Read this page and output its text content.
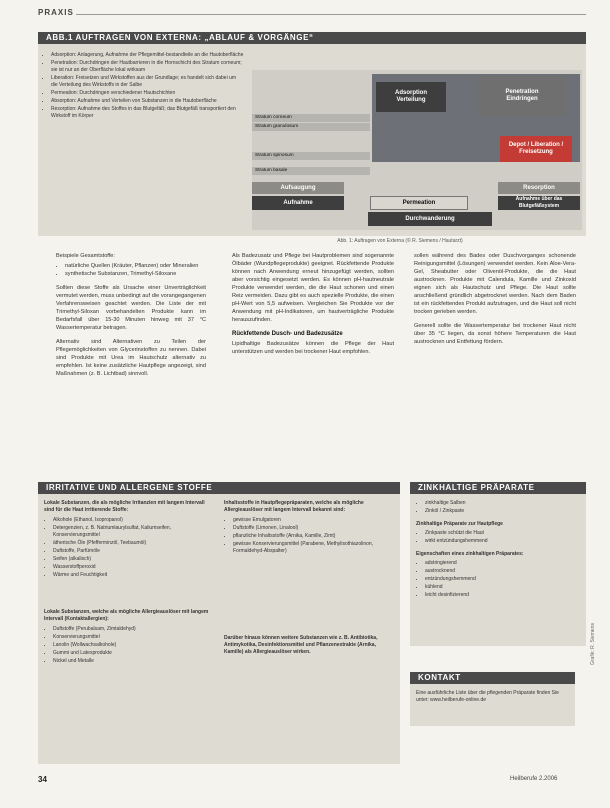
PRAXIS
ABB.1 AUFTRAGEN VON EXTERNA: „ABLAUF & VORGÄNGE“
• Adsorption: Anlagerung, Aufnahme der Pflegemittel-bestandteile an die Hautoberfläche
• Penetration: Durchdringen der Hautbarrieren in die Hornschicht des Stratum corneum; sie ist nur an der Oberfläche lokal wirksam
• Liberation: Freisetzen und Wirkstoffen aus der Grundlage; es handelt sich dabei um die Verteilung des Wirkstoffs in der Salbe
• Permeation: Durchdringen verschiedener Hautschichten
• Absorption: Aufnahme und Verteilen von Substanzen in die Hautoberfläche
• Resorption: Aufnahme des Stoffes in das Blutgefäß; das Blutgefäß transportiert den Wirkstoff im Körper
Adsorption
Verteilung
Penetration
Eindringen
Depot / Liberation / Freisetzung
Stratum corneum
Stratum granulosum
Stratum spinosum
Stratum basale
Aufsaugung
Aufnahme	Permeation
Durchwanderung
Resorption
Aufnahme über das Blutgefäßsystem
Abb. 1: Auftragen von Externa (© R. Siemens / Hautarzt)

Beispiele Gesamtstoffe:

• natürliche Quellen (Kräuter, Pflanzen) oder Mineralien
• synthetische Substanzen, Trimethyl-Siloxane

Sollten diese Stoffe als Ursache einer Unverträglichkeit vermutet werden, muss unbedingt auf die vorangegangenen Verfahrensweisen geachtet werden. Die Liste der mit Trimethyl-Siloxan vorbehandelten Produkte kann im Bedarfsfall über 15-30 Minuten hinweg mit 37 °C Wassertemperatur betragen.

Alternativ sind Alternativen zu Teilen der Pflegemöglichkeiten von Glycerinstoffen zu nennen. Dabei sind Produkte mit Urea im Hautschutz alternativ zu empfehlen. Ist keine zusätzliche Hautpflege angezeigt, sind Maßnahmen (z. B. Lichtbad) sinnvoll.

Als Badezusatz und Pflege bei Hautproblemen sind sogenannte Ölbäder (Wundpflegeprodukte) geeignet. Rückfettende Produkte können nach Anwendung erneut hinzugefügt werden, sollten aber vorsichtig eingesetzt werden. Es können pH-hautneutrale Produkte verwendet werden, die die Haut schonen und einen Reiz vermeiden. Dazu gibt es auch spezielle Produkte, die einen pH-Wert von 5,5 aufweisen. Vergleichen Sie Produkte vor der Anwendung mit pH-Indikatoren, um hautverträgliche Produkte herauszufinden.

Rückfettende Dusch- und Badezusätze

Lipidhaltige Badezusätze können die Pflege der Haut unterstützen und werden bei trockener Haut empfohlen.

sollen während des Bades oder Duschvorganges schonende Reinigungsmittel (Lösungen) verwendet werden. Kein Aloe-Vera-Gel, Sheabutter oder Olivenöl-Produkte, die die Haut austrocknen. Produkte mit Calendula, Kamille und Zinkoxid eignen sich als Hautschutz und Pflege. Die Haut sollte anschließend gründlich abgetrocknet werden. Nach dem Baden ist ein rückfettendes Produkt aufzutragen, und die Haut soll nicht trocken gerieben werden.

Generell sollte die Wassertemperatur bei trockener Haut nicht über 35 °C liegen, da sonst höhere Temperaturen die Haut austrocknen und Entfettung fördern.

IRRITATIVE UND ALLERGENE STOFFE
Lokale Substanzen, die als mögliche Irritanzien mit langem Intervall sind für die Haut irritierende Stoffe:
• Alkohole (Ethanol, Isopropanol)
• Detergenzien, z. B. Natriumlaurylsulfat, Kaliumseifen, Konservierungsmittel
• ätherische Öle (Pfefferminzöl, Teebaumöl)
• Duftstoffe, Parfümöle
• Seifen (alkalisch)
• Wasserstoffperoxid
• Wärme und Feuchtigkeit
Lokale Substanzen, welche als mögliche Allergieauslöser mit langem Intervall (Kontaktallergien):
• Duftstoffe (Perubalsam, Zimtaldehyd)
• Konservierungsmittel
• Lanolin (Wollwachsalkohole)
• Gummi und Latexprodukte
• Nickel und Metalle
Inhaltsstoffe in Hautpflegepräparaten, welche als mögliche Allergieauslöser mit langem Intervall bekannt sind:
• gewisse Emulgatoren
• Duftstoffe (Limonen, Linalool)
• pflanzliche Inhaltsstoffe (Arnika, Kamille, Zimt)
• gewisse Konservierungsmittel (Parabene, Methylisothiazolinon, Formaldehyd-Abspalter)
Darüber hinaus können weitere Substanzen wie z. B. Antibiotika, Antimykotika, Desinfektionsmittel und Pflanzenextrakte (Arnika, Kamille) als Allergieauslöser wirken.
ZINKHALTIGE PRÄPARATE
• zinkhaltige Salben
• Zinköl / Zinkpaste
Zinkhaltige Präparate zur Hautpflege
• Zinkpaste schützt die Haut
• wirkt entzündungshemmend
Eigenschaften eines zinkhaltigen Präparates:
• adstringierend
• austrocknend
• entzündungshemmend
• kühlend
• leicht desinfizierend
KONTAKT
Eine ausführliche Liste über die pflegenden Präparate finden Sie unter: www.heilberufe-online.de
Grafik: R. Siemens
34	Heilberufe 2.2006
